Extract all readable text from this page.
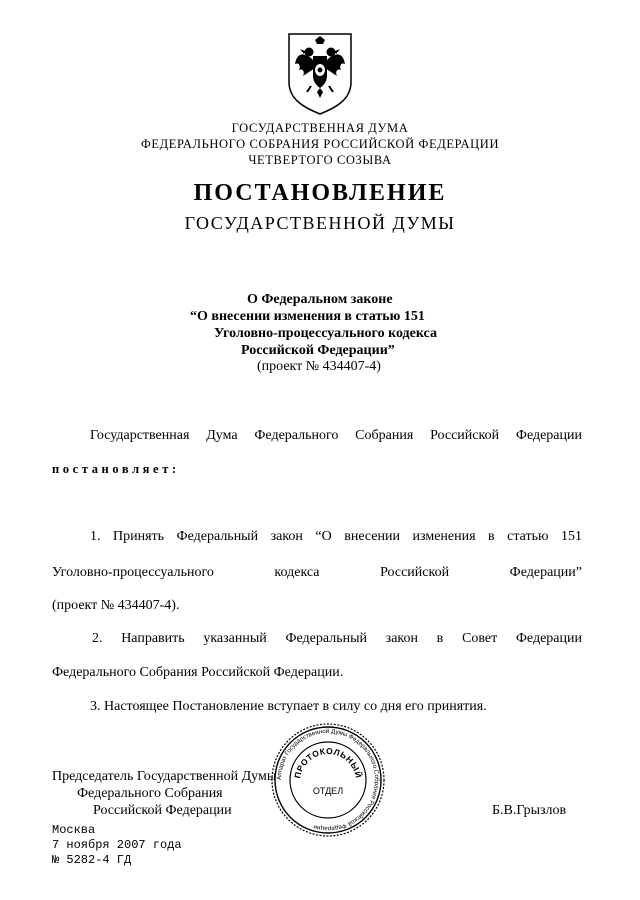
ГОСУДАРСТВЕННАЯ ДУМА
ФЕДЕРАЛЬНОГО СОБРАНИЯ РОССИЙСКОЙ ФЕДЕРАЦИИ
ЧЕТВЕРТОГО СОЗЫВА
ПОСТАНОВЛЕНИЕ
ГОСУДАРСТВЕННОЙ ДУМЫ
О Федеральном законе
“О внесении изменения в статью 151
Уголовно-процессуального кодекса
Российской Федерации”
(проект № 434407-4)
Государственная Дума Федерального Собрания Российской Федерации
постановляет:
1. Принять Федеральный закон “О внесении изменения в статью 151
Уголовно-процессуального	кодекса	Российской	Федерации”
(проект № 434407-4).
2. Направить указанный Федеральный закон в Совет Федерации
Федерального Собрания Российской Федерации.
3. Настоящее Постановление вступает в силу со дня его принятия.
Председатель Государственной Думы
Федерального Собрания
Российской Федерации	Б.В.Грызлов
Москва
7 ноября 2007 года
№ 5282-4 ГД
Аппарат Государственной Думы Федерального Собрания Российской Федерации
ПРОТОКОЛЬНЫЙ
ОТДЕЛ
